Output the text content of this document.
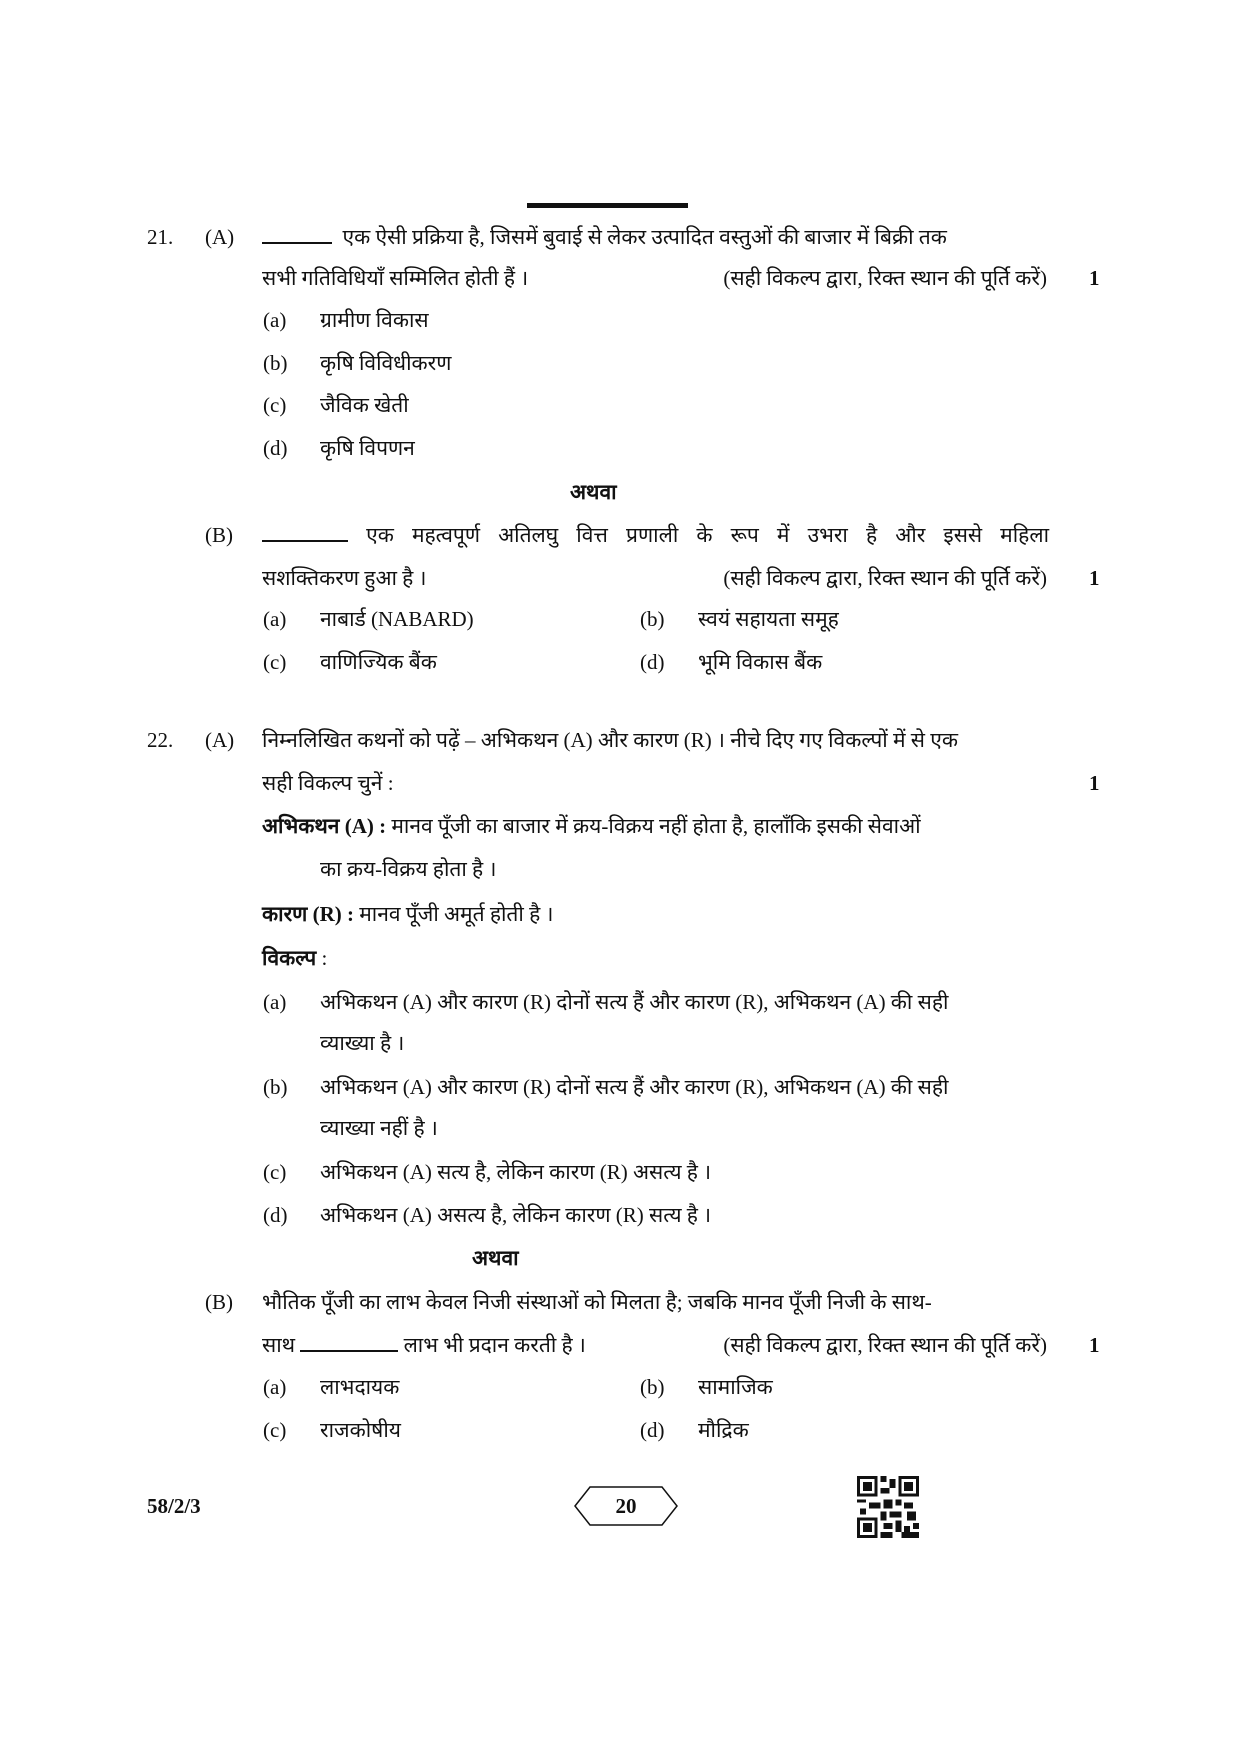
21. (A)	एक ऐसी प्रक्रिया है, जिसमें बुवाई से लेकर उत्पादित वस्तुओं की बाजार में बिक्री तक
सभी गतिविधियाँ सम्मिलित होती हैं ।	(सही विकल्प द्वारा, रिक्त स्थान की पूर्ति करें) 1
(a) ग्रामीण विकास
(b) कृषि विविधीकरण
(c) जैविक खेती
(d) कृषि विपणन
अथवा
(B)	एक महत्वपूर्ण अतिलघु वित्त प्रणाली के रूप में उभरा है और इससे महिला
सशक्तिकरण हुआ है ।	(सही विकल्प द्वारा, रिक्त स्थान की पूर्ति करें) 1
(a) नाबार्ड (NABARD)	(b) स्वयं सहायता समूह
(c) वाणिज्यिक बैंक	(d) भूमि विकास बैंक
22. (A) निम्नलिखित कथनों को पढ़ें – अभिकथन (A) और कारण (R) । नीचे दिए गए विकल्पों में से एक
सही विकल्प चुनें :	1
अभिकथन (A) : मानव पूँजी का बाजार में क्रय-विक्रय नहीं होता है, हालाँकि इसकी सेवाओं
का क्रय-विक्रय होता है ।
कारण (R) : मानव पूँजी अमूर्त होती है ।
विकल्प :
(a) अभिकथन (A) और कारण (R) दोनों सत्य हैं और कारण (R), अभिकथन (A) की सही
व्याख्या है ।
(b) अभिकथन (A) और कारण (R) दोनों सत्य हैं और कारण (R), अभिकथन (A) की सही
व्याख्या नहीं है ।
(c) अभिकथन (A) सत्य है, लेकिन कारण (R) असत्य है ।
(d) अभिकथन (A) असत्य है, लेकिन कारण (R) सत्य है ।
अथवा
(B) भौतिक पूँजी का लाभ केवल निजी संस्थाओं को मिलता है; जबकि मानव पूँजी निजी के साथ-
साथ	लाभ भी प्रदान करती है ।	(सही विकल्प द्वारा, रिक्त स्थान की पूर्ति करें) 1
(a) लाभदायक	(b) सामाजिक
(c) राजकोषीय	(d) मौद्रिक
58/2/3	20
